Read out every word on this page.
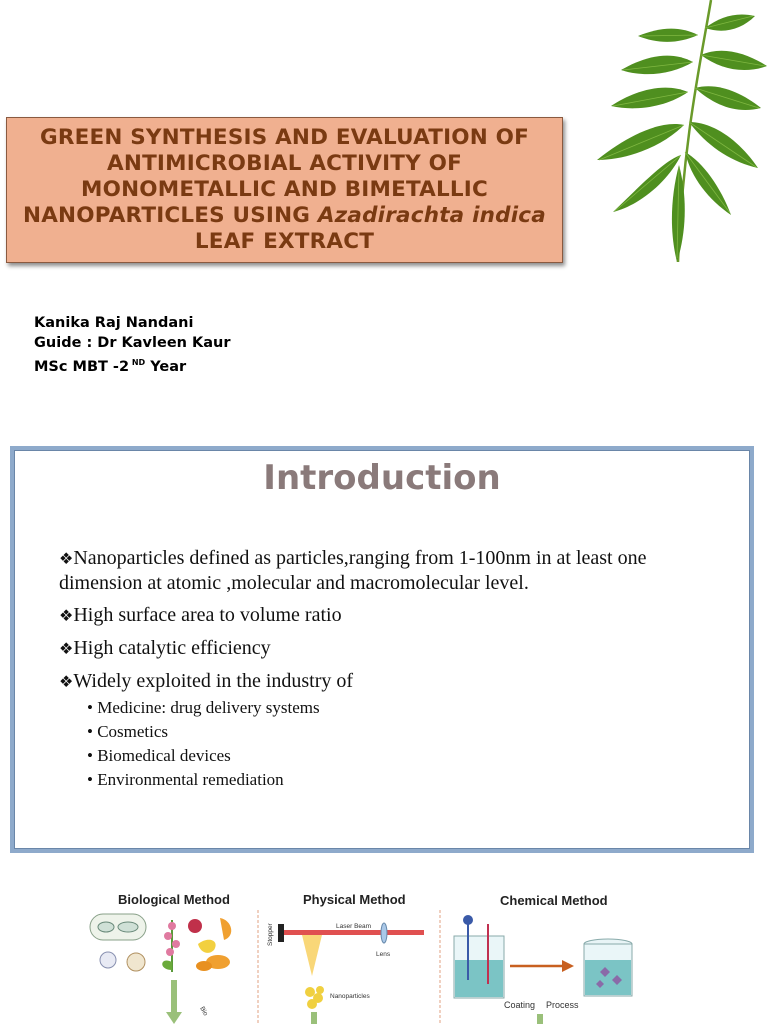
GREEN SYNTHESIS AND EVALUATION OF ANTIMICROBIAL ACTIVITY OF MONOMETALLIC AND BIMETALLIC NANOPARTICLES USING Azadirachta indica LEAF EXTRACT
Kanika Raj Nandani
Guide : Dr Kavleen Kaur
MSc MBT -2 $^{ND}$ Year
Introduction

❖Nanoparticles defined as particles,ranging from 1-100nm in at least one dimension at atomic ,molecular and macromolecular level.

❖High surface area to volume ratio

❖High catalytic efficiency

❖Widely exploited in the industry of

• Medicine: drug delivery systems
• Cosmetics
• Biomedical devices
• Environmental remediation
Biological Method
Bio
Physical Method
Stopper	Laser Beam
Lens
Nanoparticles
Chemical Method
Coating Process
